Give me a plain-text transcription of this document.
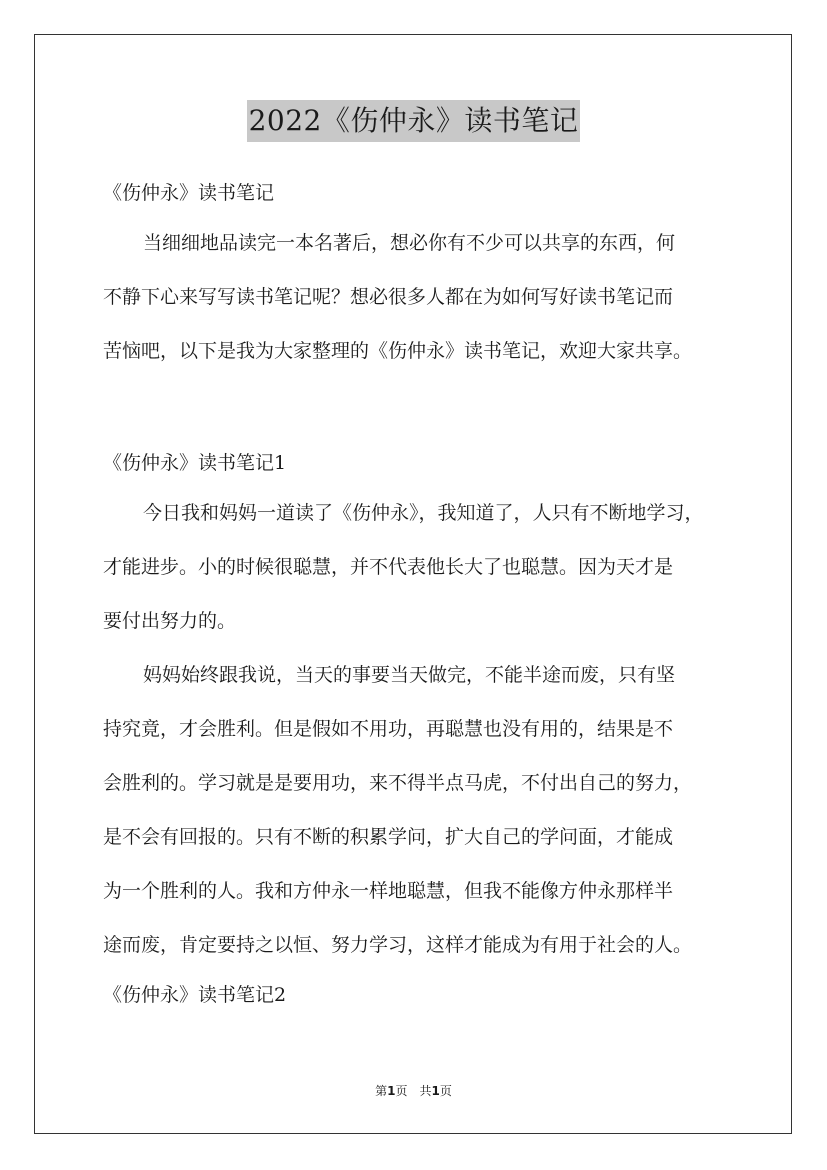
2022《伤仲永》读书笔记
《伤仲永》读书笔记
当细细地品读完一本名著后，想必你有不少可以共享的东西，何
不静下心来写写读书笔记呢？想必很多人都在为如何写好读书笔记而
苦恼吧，以下是我为大家整理的《伤仲永》读书笔记，欢迎大家共享。
《伤仲永》读书笔记1
今日我和妈妈一道读了《伤仲永》，我知道了，人只有不断地学习，
才能进步。小的时候很聪慧，并不代表他长大了也聪慧。因为天才是
要付出努力的。
妈妈始终跟我说，当天的事要当天做完，不能半途而废，只有坚
持究竟，才会胜利。但是假如不用功，再聪慧也没有用的，结果是不
会胜利的。学习就是是要用功，来不得半点马虎，不付出自己的努力，
是不会有回报的。只有不断的积累学问，扩大自己的学问面，才能成
为一个胜利的人。我和方仲永一样地聪慧，但我不能像方仲永那样半
途而废，肯定要持之以恒、努力学习，这样才能成为有用于社会的人。
《伤仲永》读书笔记2
第1页　共1页
